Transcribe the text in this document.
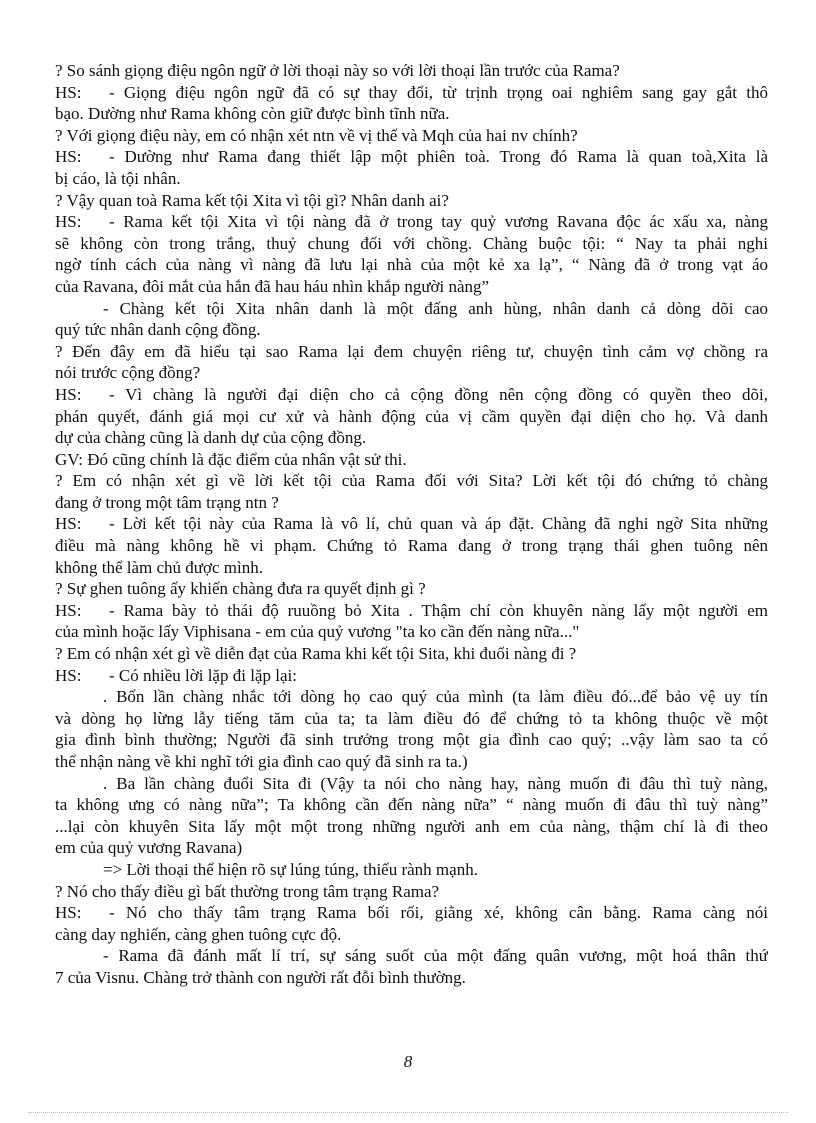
? So sánh giọng điệu ngôn ngữ ở lời thoại này so với lời thoại lần trước của Rama?

HS: - Giọng điệu ngôn ngữ đã có sự thay đổi, từ trịnh trọng oai nghiêm sang gay gắt thô

bạo. Dường như Rama không còn giữ được bình tĩnh nữa.

? Với giọng điệu này, em có nhận xét ntn về vị thế và Mqh của hai nv chính?

HS: - Dường như Rama đang thiết lập một phiên toà. Trong đó Rama là quan toà,Xita là

bị cáo, là tội nhân.

? Vậy quan toà Rama kết tội Xita vì tội gì? Nhân danh ai?

HS: - Rama kết tội Xita vì tội nàng đã ở trong tay quỷ vương Ravana độc ác xấu xa, nàng

sẽ không còn trong trắng, thuỷ chung đối với chồng. Chàng buộc tội: “ Nay ta phải nghi

ngờ tính cách của nàng vì nàng đã lưu lại nhà của một kẻ xa lạ”, “ Nàng đã ở trong vạt áo

của Ravana, đôi mắt của hắn đã hau háu nhìn khắp người nàng”

- Chàng kết tội Xita nhân danh là một đấng anh hùng, nhân danh cả dòng dõi cao

quý tức nhân danh cộng đồng.

? Đến đây em đã hiểu tại sao Rama lại đem chuyện riêng tư, chuyện tình cảm vợ chồng ra

nói trước cộng đồng?

HS: - Vì chàng là người đại diện cho cả cộng đồng nên cộng đồng có quyền theo dõi,

phán quyết, đánh giá mọi cư xử và hành động của vị cầm quyền đại diện cho họ. Và danh

dự của chàng cũng là danh dự của cộng đồng.

GV: Đó cũng chính là đặc điểm của nhân vật sử thi.

? Em có nhận xét gì về lời kết tội của Rama đối với Sita? Lời kết tội đó chứng tỏ chàng

đang ở trong một tâm trạng ntn ?

HS: - Lời kết tội này của Rama là vô lí, chủ quan và áp đặt. Chàng đã nghi ngờ Sita những

điều mà nàng không hề vi phạm. Chứng tỏ Rama đang ở trong trạng thái ghen tuông nên

không thể làm chủ được mình.

? Sự ghen tuông ấy khiến chàng đưa ra quyết định gì ?

HS: - Rama bày tỏ thái độ ruuồng bỏ Xita . Thậm chí còn khuyên nàng lấy một người em

của mình hoặc lấy Viphisana - em của quỷ vương "ta ko cần đến nàng nữa..."

? Em có nhận xét gì về diễn đạt của Rama khi kết tội Sita, khi đuổi nàng đi ?

HS: - Có nhiều lời lặp đi lặp lại:

. Bốn lần chàng nhắc tới dòng họ cao quý của mình (ta làm điều đó...để bảo vệ uy tín

và dòng họ lừng lẫy tiếng tăm của ta; ta làm điều đó để chứng tỏ ta không thuộc về một

gia đình bình thường; Người đã sinh trưởng trong một gia đình cao quý; ..vậy làm sao ta có

thể nhận nàng về khi nghĩ tới gia đình cao quý đã sinh ra ta.)

. Ba lần chàng đuổi Sita đi (Vậy ta nói cho nàng hay, nàng muốn đi đâu thì tuỳ nàng,

ta không ưng có nàng nữa”; Ta không cần đến nàng nữa” “ nàng muốn đi đâu thì tuỳ nàng”

...lại còn khuyên Sita lấy một một trong những người anh em của nàng, thậm chí là đi theo

em của quỷ vương Ravana)

=> Lời thoại thể hiện rõ sự lúng túng, thiếu rành mạnh.

? Nó cho thấy điều gì bất thường trong tâm trạng Rama?

HS: - Nó cho thấy tâm trạng Rama bối rối, giằng xé, không cân bằng. Rama càng nói

càng day nghiến, càng ghen tuông cực độ.

- Rama đã đánh mất lí trí, sự sáng suốt của một đấng quân vương, một hoá thân thứ

7 của Visnu. Chàng trở thành con người rất đỗi bình thường.

8
